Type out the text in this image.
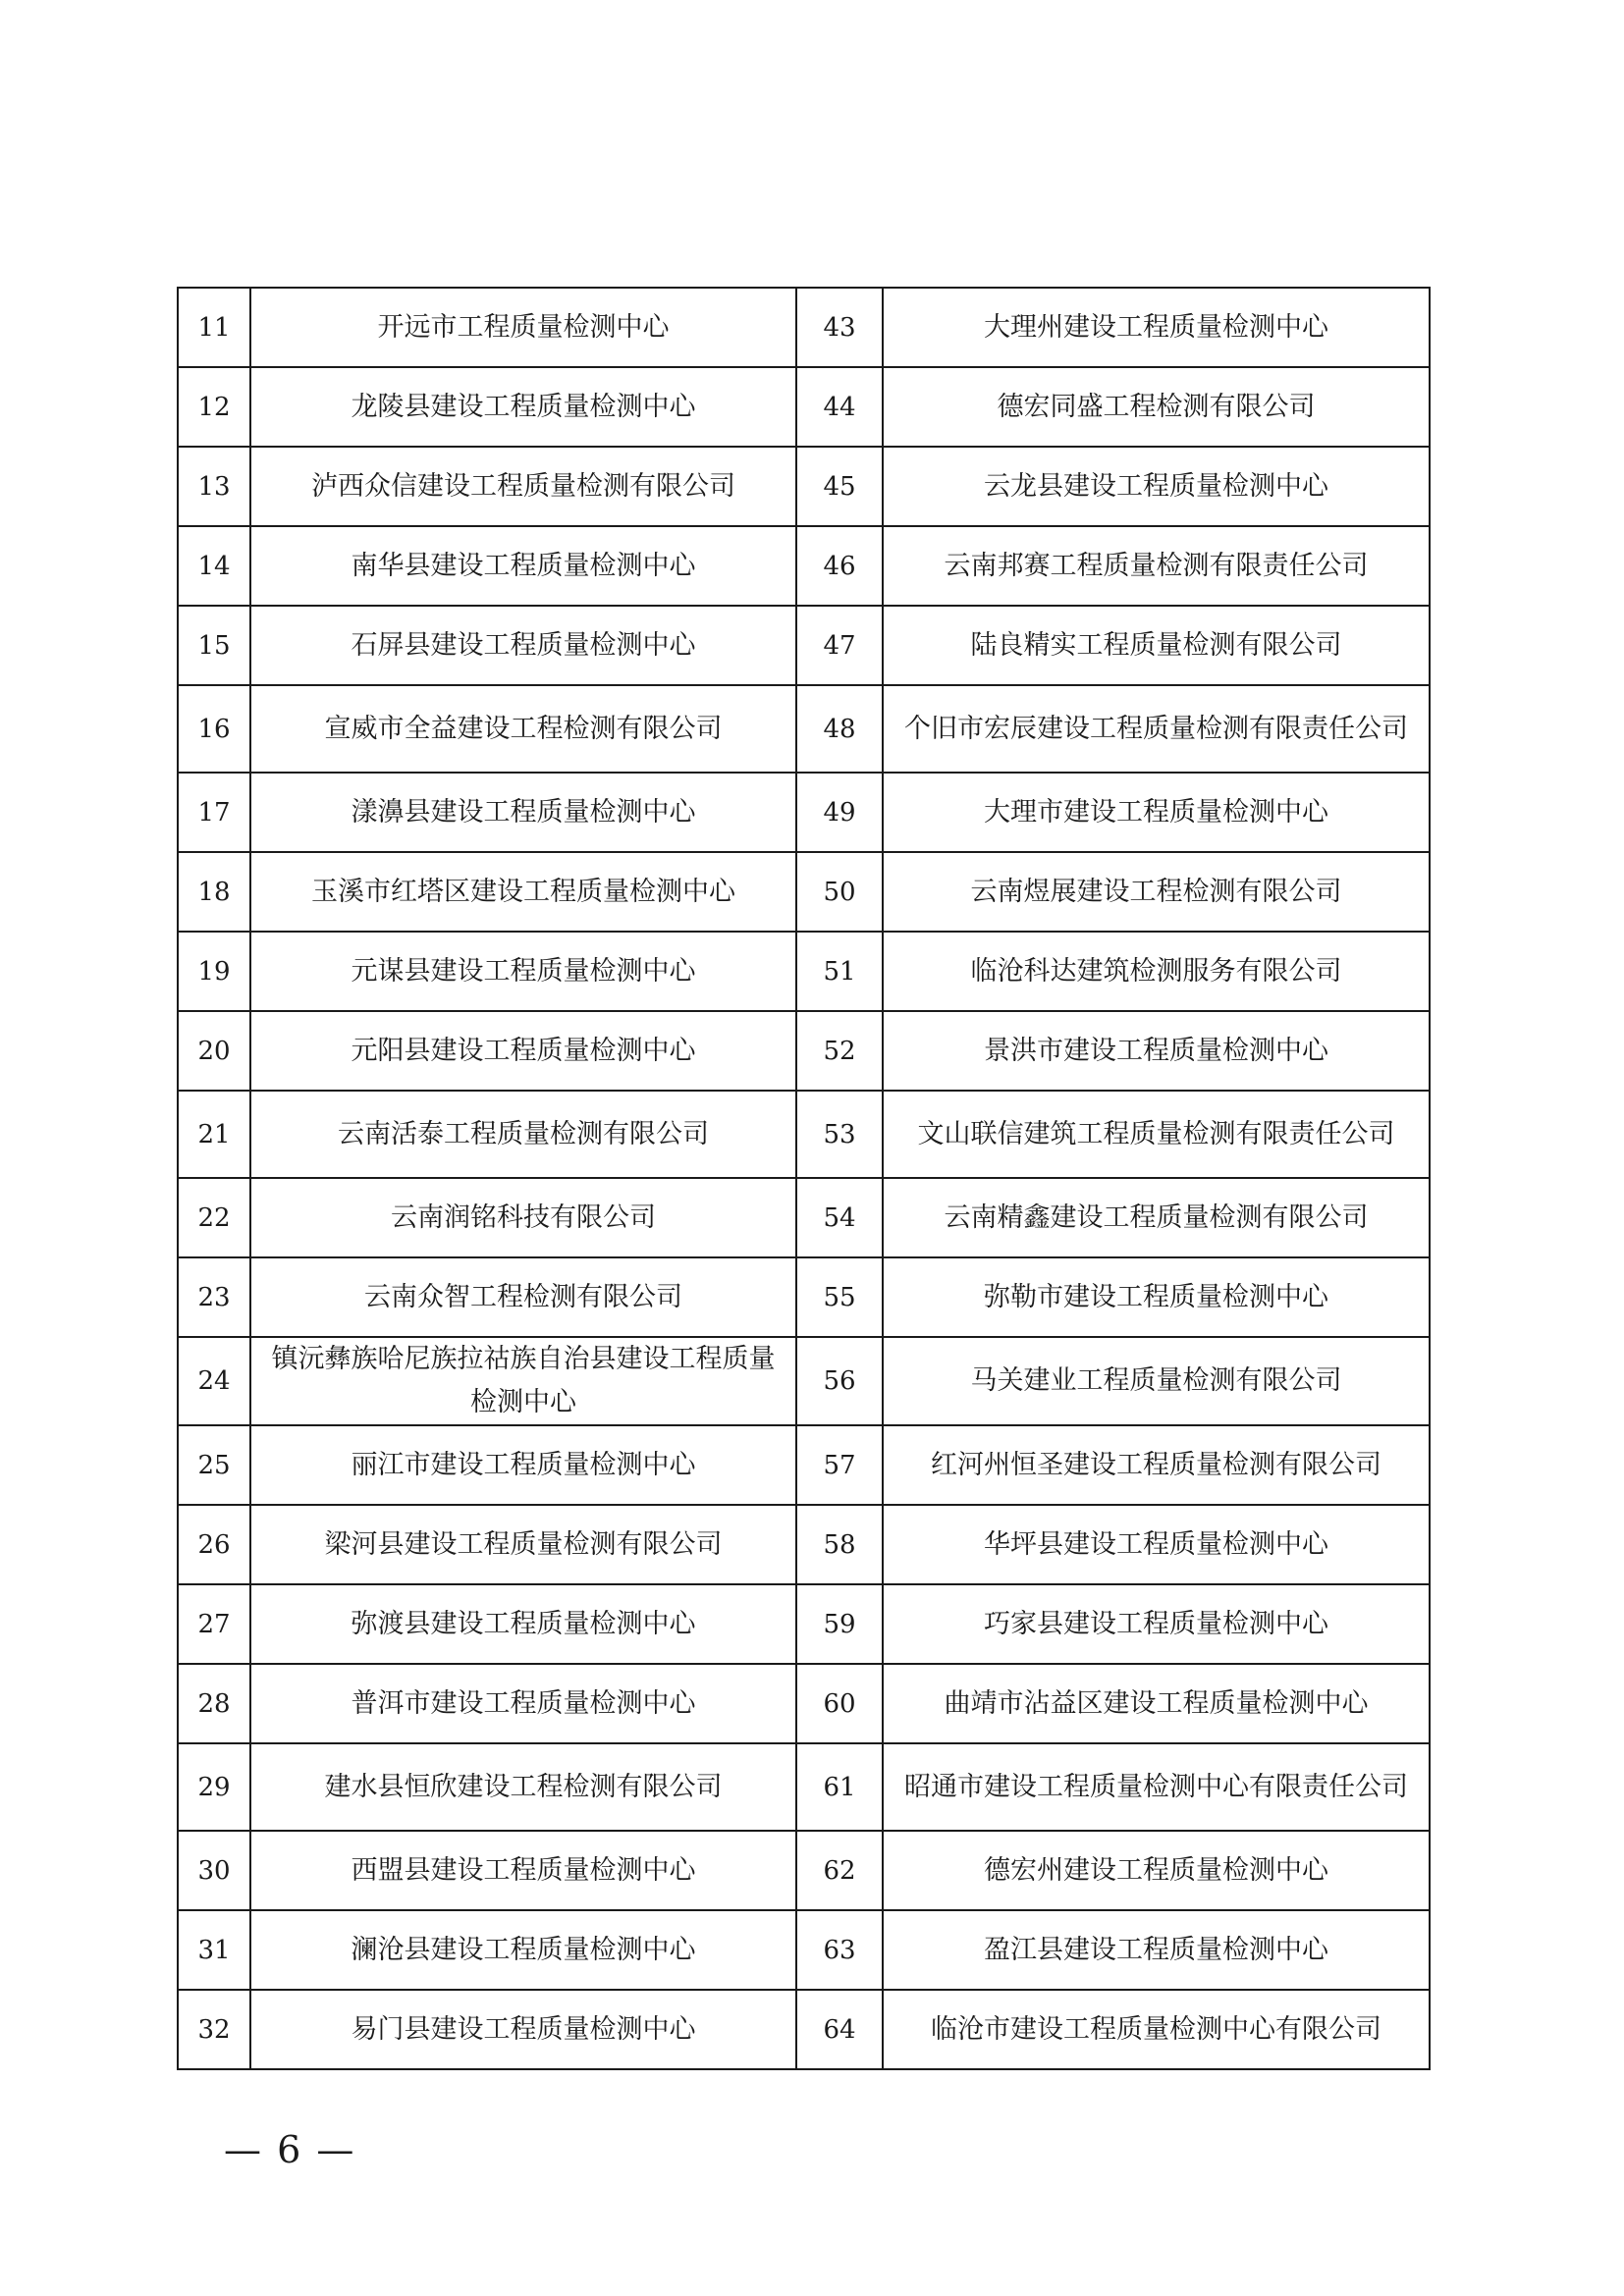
11	开远市工程质量检测中心	43	大理州建设工程质量检测中心
12	龙陵县建设工程质量检测中心	44	德宏同盛工程检测有限公司
13	泸西众信建设工程质量检测有限公司	45	云龙县建设工程质量检测中心
14	南华县建设工程质量检测中心	46	云南邦赛工程质量检测有限责任公司
15	石屏县建设工程质量检测中心	47	陆良精实工程质量检测有限公司
16	宣威市全益建设工程检测有限公司	48	个旧市宏辰建设工程质量检测有限责任公司
17	漾濞县建设工程质量检测中心	49	大理市建设工程质量检测中心
18	玉溪市红塔区建设工程质量检测中心	50	云南煜展建设工程检测有限公司
19	元谋县建设工程质量检测中心	51	临沧科达建筑检测服务有限公司
20	元阳县建设工程质量检测中心	52	景洪市建设工程质量检测中心
21	云南活泰工程质量检测有限公司	53	文山联信建筑工程质量检测有限责任公司
22	云南润铭科技有限公司	54	云南精鑫建设工程质量检测有限公司
23	云南众智工程检测有限公司	55	弥勒市建设工程质量检测中心
24	镇沅彝族哈尼族拉祜族自治县建设工程质量检测中心	56	马关建业工程质量检测有限公司
25	丽江市建设工程质量检测中心	57	红河州恒圣建设工程质量检测有限公司
26	梁河县建设工程质量检测有限公司	58	华坪县建设工程质量检测中心
27	弥渡县建设工程质量检测中心	59	巧家县建设工程质量检测中心
28	普洱市建设工程质量检测中心	60	曲靖市沾益区建设工程质量检测中心
29	建水县恒欣建设工程检测有限公司	61	昭通市建设工程质量检测中心有限责任公司
30	西盟县建设工程质量检测中心	62	德宏州建设工程质量检测中心
31	澜沧县建设工程质量检测中心	63	盈江县建设工程质量检测中心
32	易门县建设工程质量检测中心	64	临沧市建设工程质量检测中心有限公司
— 6 —
